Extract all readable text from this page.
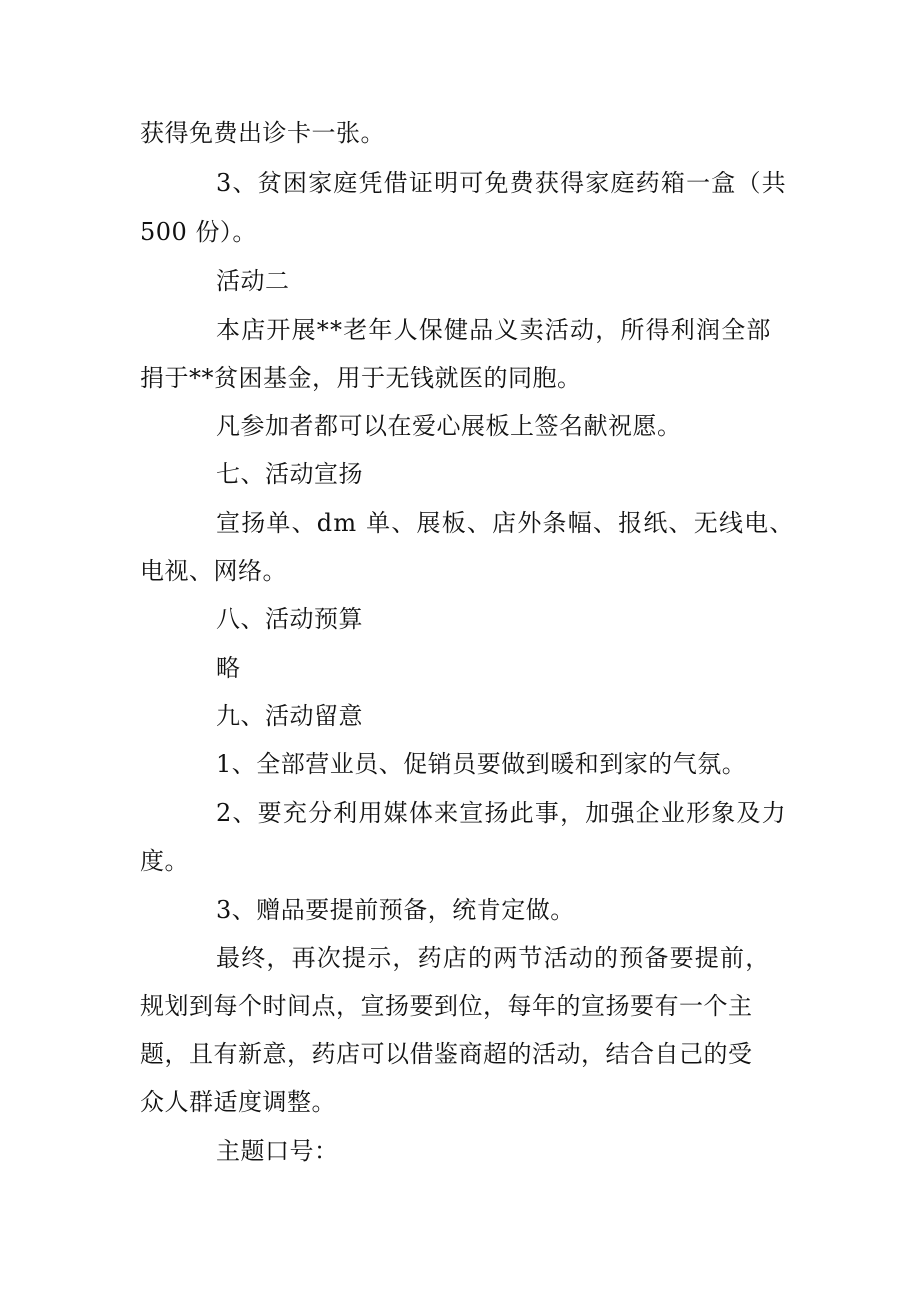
获得免费出诊卡一张。
3、贫困家庭凭借证明可免费获得家庭药箱一盒（共
500 份）。
活动二
本店开展**老年人保健品义卖活动，所得利润全部
捐于**贫困基金，用于无钱就医的同胞。
凡参加者都可以在爱心展板上签名献祝愿。
七、活动宣扬
宣扬单、dm 单、展板、店外条幅、报纸、无线电、
电视、网络。
八、活动预算
略
九、活动留意
1、全部营业员、促销员要做到暖和到家的气氛。
2、要充分利用媒体来宣扬此事，加强企业形象及力
度。
3、赠品要提前预备，统肯定做。
最终，再次提示，药店的两节活动的预备要提前，
规划到每个时间点，宣扬要到位，每年的宣扬要有一个主
题，且有新意，药店可以借鉴商超的活动，结合自己的受
众人群适度调整。
主题口号：
